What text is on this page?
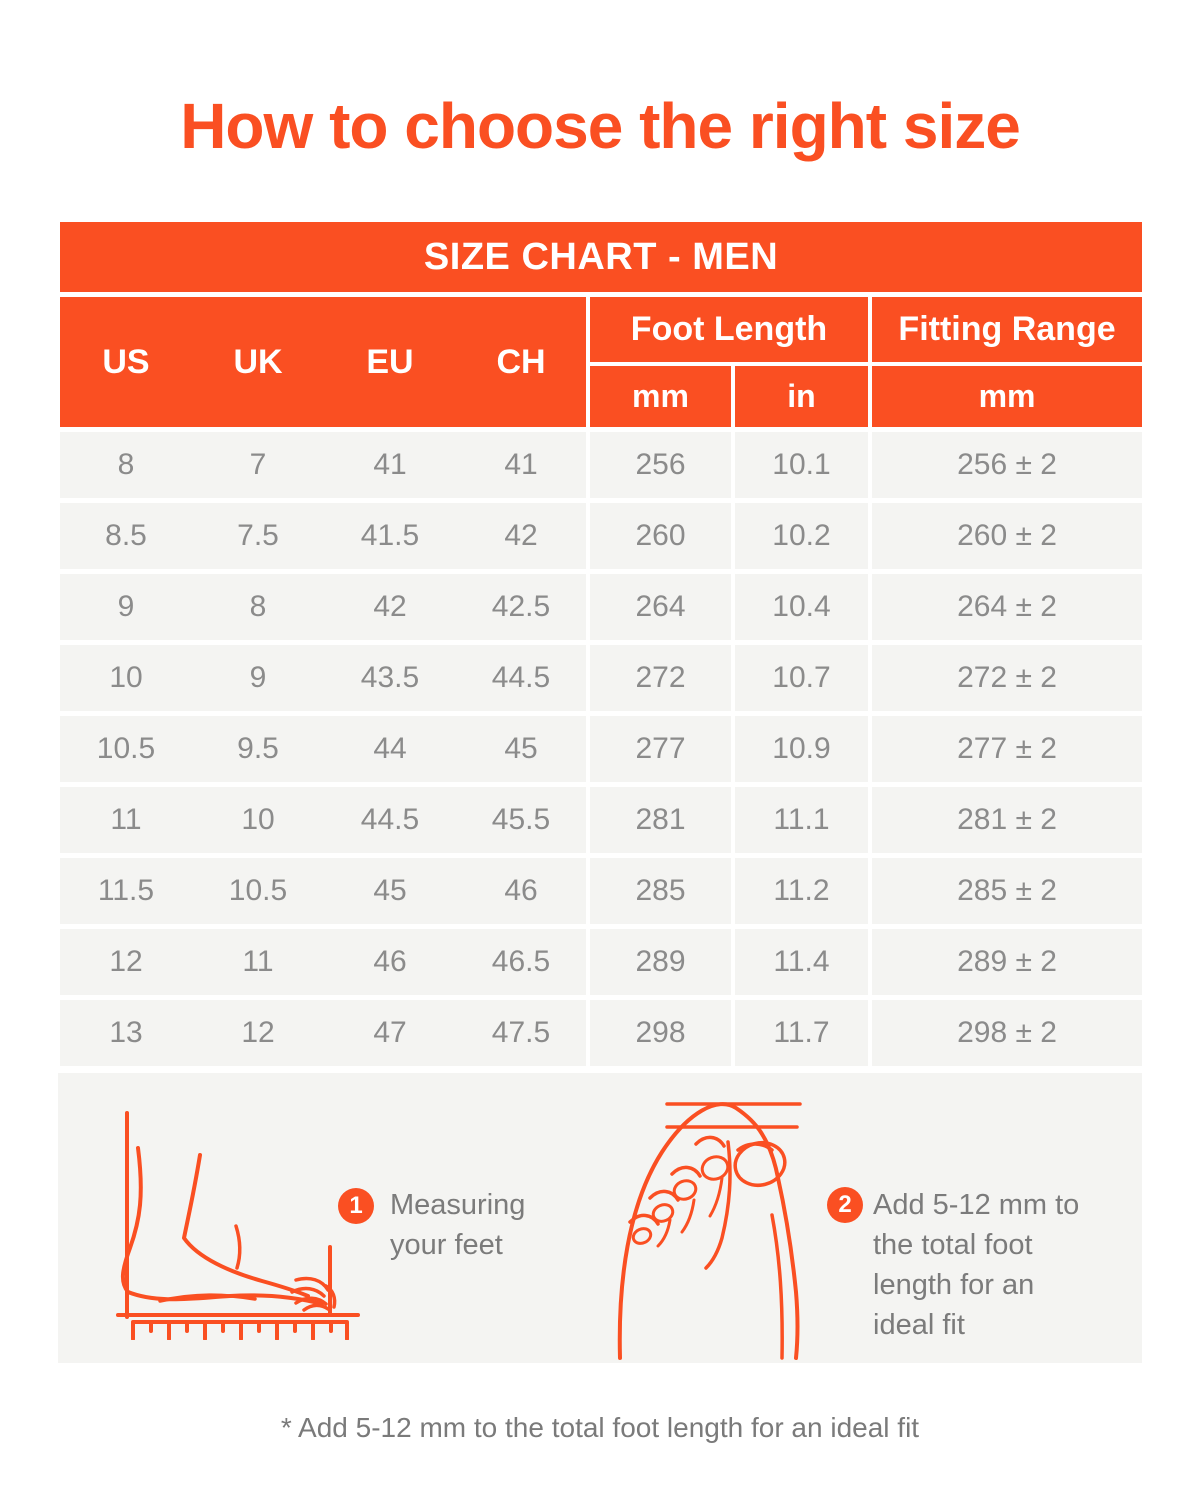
How to choose the right size
SIZE CHART - MEN						
US	UK	EU	CH	Foot Length		Fitting Range
				mm	in	mm
8	7	41	41	256	10.1	256 ± 2
8.5	7.5	41.5	42	260	10.2	260 ± 2
9	8	42	42.5	264	10.4	264 ± 2
10	9	43.5	44.5	272	10.7	272 ± 2
10.5	9.5	44	45	277	10.9	277 ± 2
11	10	44.5	45.5	281	11.1	281 ± 2
11.5	10.5	45	46	285	11.2	285 ± 2
12	11	46	46.5	289	11.4	289 ± 2
13	12	47	47.5	298	11.7	298 ± 2
1 Measuring
your feet
2 Add 5-12 mm to
the total foot
length for an
ideal fit
* Add 5-12 mm to the total foot length for an ideal fit
